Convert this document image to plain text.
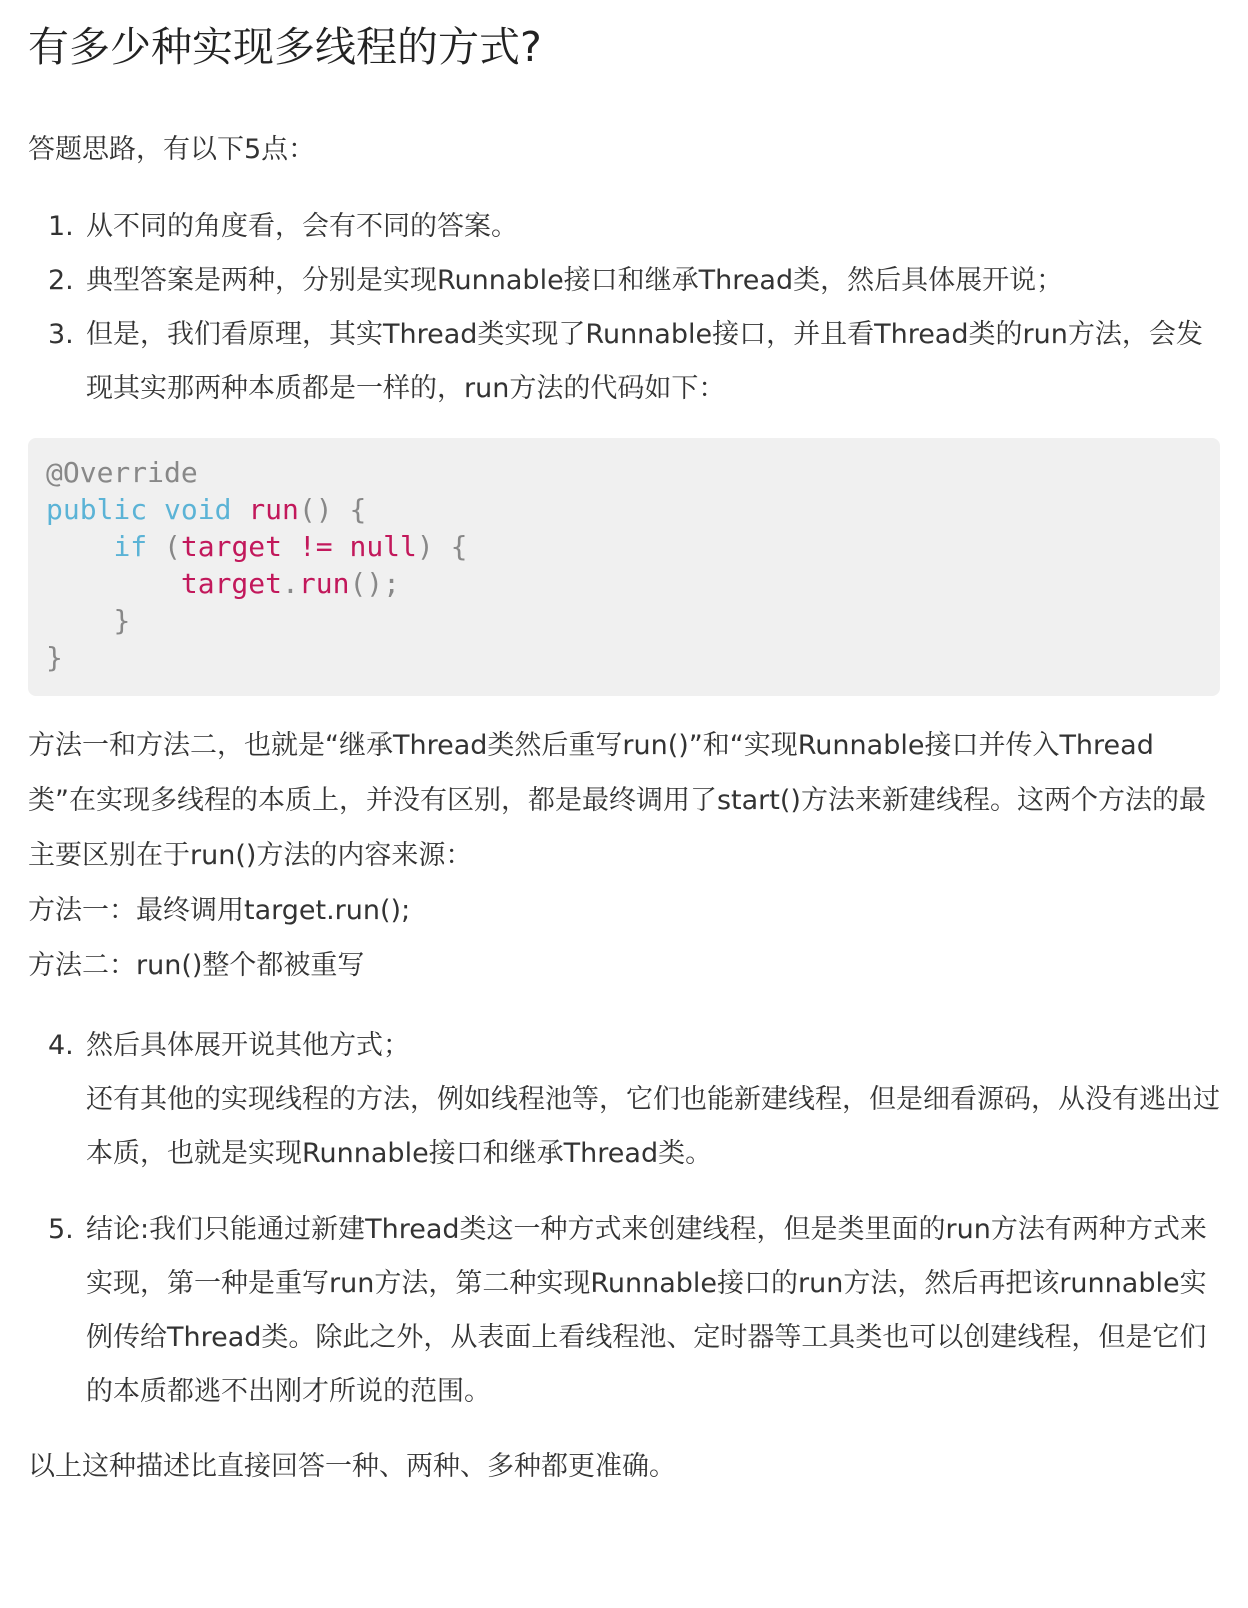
有多少种实现多线程的方式?

答题思路，有以下5点：

1. 从不同的角度看，会有不同的答案。
2. 典型答案是两种，分别是实现Runnable接口和继承Thread类，然后具体展开说；
3. 但是，我们看原理，其实Thread类实现了Runnable接口，并且看Thread类的run方法，会发现其实那两种本质都是一样的，run方法的代码如下：
@Override
public void run() {
if (target != null) {
target.run();
}
}

方法一和方法二，也就是“继承Thread类然后重写run()”和“实现Runnable接口并传入Thread类”在实现多线程的本质上，并没有区别，都是最终调用了start()方法来新建线程。这两个方法的最主要区别在于run()方法的内容来源：

方法一：最终调用target.run();

方法二：run()整个都被重写

4. 然后具体展开说其他方式；
还有其他的实现线程的方法，例如线程池等，它们也能新建线程，但是细看源码，从没有逃出过本质，也就是实现Runnable接口和继承Thread类。
5. 结论:我们只能通过新建Thread类这一种方式来创建线程，但是类里面的run方法有两种方式来实现，第一种是重写run方法，第二种实现Runnable接口的run方法，然后再把该runnable实例传给Thread类。除此之外，从表面上看线程池、定时器等工具类也可以创建线程，但是它们的本质都逃不出刚才所说的范围。

以上这种描述比直接回答一种、两种、多种都更准确。
